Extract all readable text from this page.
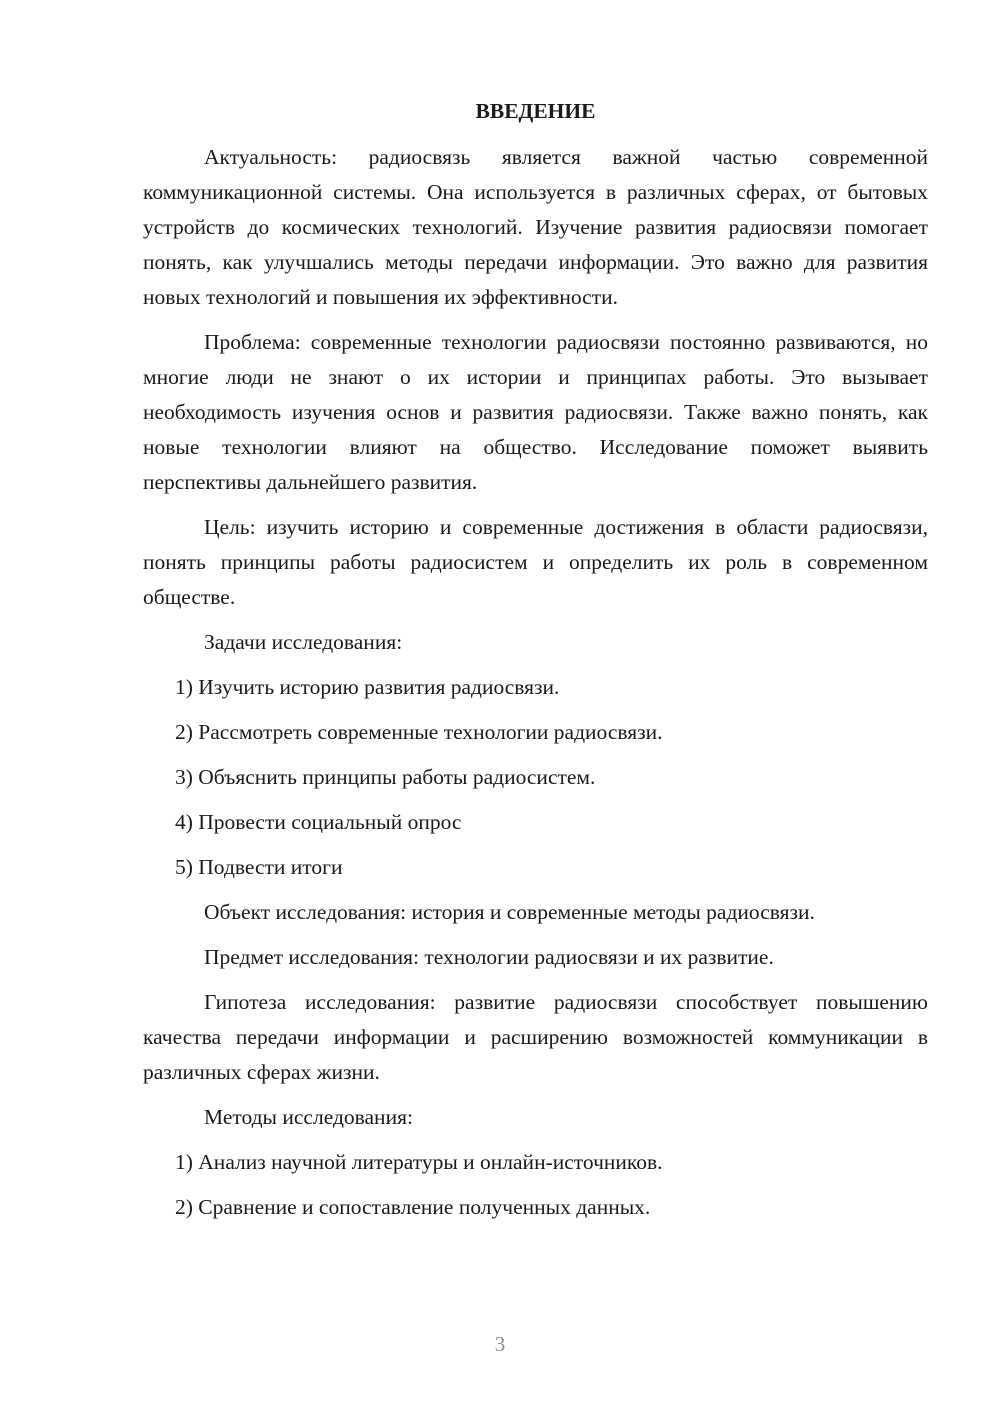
ВВЕДЕНИЕ

Актуальность: радиосвязь является важной частью современной коммуникационной системы. Она используется в различных сферах, от бытовых устройств до космических технологий. Изучение развития радиосвязи помогает понять, как улучшались методы передачи информации. Это важно для развития новых технологий и повышения их эффективности.

Проблема: современные технологии радиосвязи постоянно развиваются, но многие люди не знают о их истории и принципах работы. Это вызывает необходимость изучения основ и развития радиосвязи. Также важно понять, как новые технологии влияют на общество. Исследование поможет выявить перспективы дальнейшего развития.

Цель: изучить историю и современные достижения в области радиосвязи, понять принципы работы радиосистем и определить их роль в современном обществе.

Задачи исследования:
1) Изучить историю развития радиосвязи.
2) Рассмотреть современные технологии радиосвязи.
3) Объяснить принципы работы радиосистем.
4) Провести социальный опрос
5) Подвести итоги
Объект исследования: история и современные методы радиосвязи.
Предмет исследования: технологии радиосвязи и их развитие.

Гипотеза исследования: развитие радиосвязи способствует повышению качества передачи информации и расширению возможностей коммуникации в различных сферах жизни.

Методы исследования:
1) Анализ научной литературы и онлайн-источников.
2) Сравнение и сопоставление полученных данных.
3
